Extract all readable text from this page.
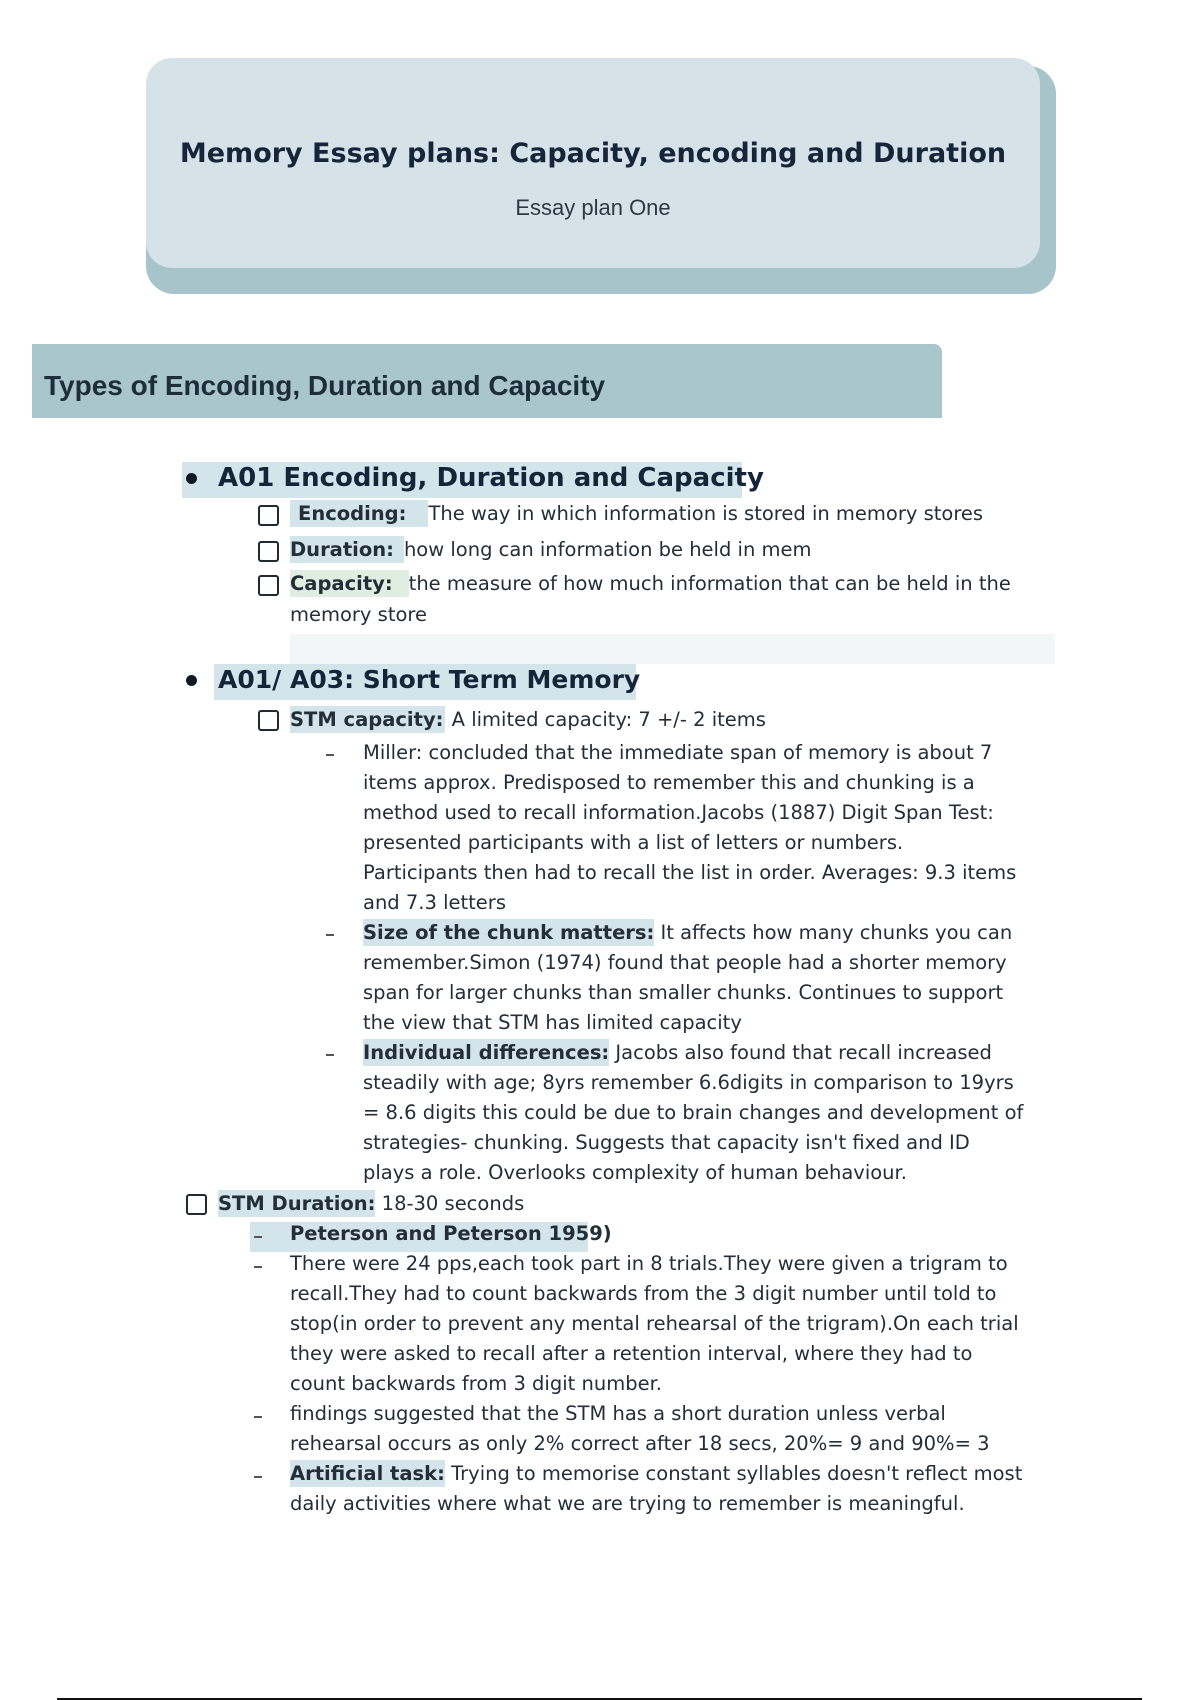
Memory Essay plans: Capacity, encoding and Duration
Essay plan One
Types of Encoding, Duration and Capacity
A01 Encoding, Duration and Capacity
Encoding: The way in which information is stored in memory stores
Duration: how long can information be held in mem
Capacity: the measure of how much information that can be held in the
memory store
A01/ A03: Short Term Memory
STM capacity: A limited capacity: 7 +/- 2 items
Miller: concluded that the immediate span of memory is about 7
items approx. Predisposed to remember this and chunking is a
method used to recall information.Jacobs (1887) Digit Span Test:
presented participants with a list of letters or numbers.
Participants then had to recall the list in order. Averages: 9.3 items
and 7.3 letters
Size of the chunk matters: It affects how many chunks you can
remember.Simon (1974) found that people had a shorter memory
span for larger chunks than smaller chunks. Continues to support
the view that STM has limited capacity
Individual differences: Jacobs also found that recall increased
steadily with age; 8yrs remember 6.6digits in comparison to 19yrs
= 8.6 digits this could be due to brain changes and development of
strategies- chunking. Suggests that capacity isn't fixed and ID
plays a role. Overlooks complexity of human behaviour.
STM Duration: 18-30 seconds
Peterson and Peterson 1959)
There were 24 pps,each took part in 8 trials.They were given a trigram to
recall.They had to count backwards from the 3 digit number until told to
stop(in order to prevent any mental rehearsal of the trigram).On each trial
they were asked to recall after a retention interval, where they had to
count backwards from 3 digit number.
findings suggested that the STM has a short duration unless verbal
rehearsal occurs as only 2% correct after 18 secs, 20%= 9 and 90%= 3
Artificial task: Trying to memorise constant syllables doesn't reflect most
daily activities where what we are trying to remember is meaningful.
